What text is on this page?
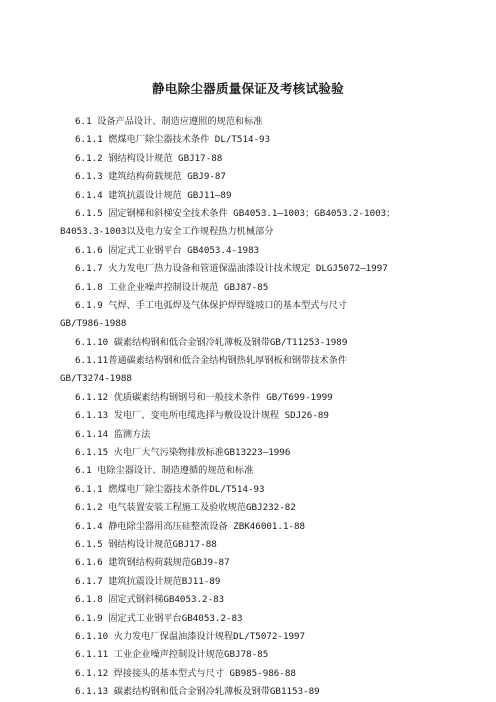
静电除尘器质量保证及考核试验验
6.1 设备产品设计、制造应遵照的规范和标准
6.1.1 燃煤电厂除尘器技术条件 DL/T514-93
6.1.2 钢结构设计规范 GBJ17-88
6.1.3 建筑结构荷载规范 GBJ9-87
6.1.4 建筑抗震设计规范 GBJ11—89
6.1.5 固定钢梯和斜梯安全技术条件 GB4053.1—1003；GB4053.2-1003；
B4053.3-1003以及电力安全工作规程热力机械部分
6.1.6 固定式工业钢平台 GB4053.4-1983
6.1.7 火力发电厂热力设备和管道保温油漆设计技术规定 DLGJ5072—1997
6.1.8 工业企业噪声控制设计规范 GBJ87-85
6.1.9 气焊、手工电弧焊及气体保护焊焊缝坡口的基本型式与尺寸
GB/T986-1988
6.1.10 碳素结构钢和低合金钢冷轧薄板及钢带GB/T11253-1989
6.1.11普通碳素结构钢和低合金结构钢热轧厚钢板和钢带技术条件
GB/T3274-1988
6.1.12 优质碳素结构钢钢号和一般技术条件 GB/T699-1999
6.1.13 发电厂、变电所电缆选择与敷设设计规程 SDJ26-89
6.1.14 监测方法
6.1.15 火电厂大气污染物排放标准GB13223—1996
6.1 电除尘器设计、制造遵循的规范和标准
6.1.1 燃煤电厂除尘器技术条件DL/T514-93
6.1.2 电气装置安装工程施工及验收规范GBJ232-82
6.1.4 静电除尘器用高压硅整流设备 ZBK46001.1-88
6.1.5 钢结构设计规范GBJ17-88
6.1.6 建筑钢结构荷载规范GBJ9-87
6.1.7 建筑抗震设计规范BJ11-89
6.1.8 固定式钢斜梯GB4053.2-83
6.1.9 固定式工业钢平台GB4053.2-83
6.1.10 火力发电厂保温油漆设计规程DL/T5072-1997
6.1.11 工业企业噪声控制设计规范GBJ78-85
6.1.12 焊接接头的基本型式与尺寸 GB985-986-88
6.1.13 碳素结构钢和低合金钢冷轧薄板及钢带GB1153-89
